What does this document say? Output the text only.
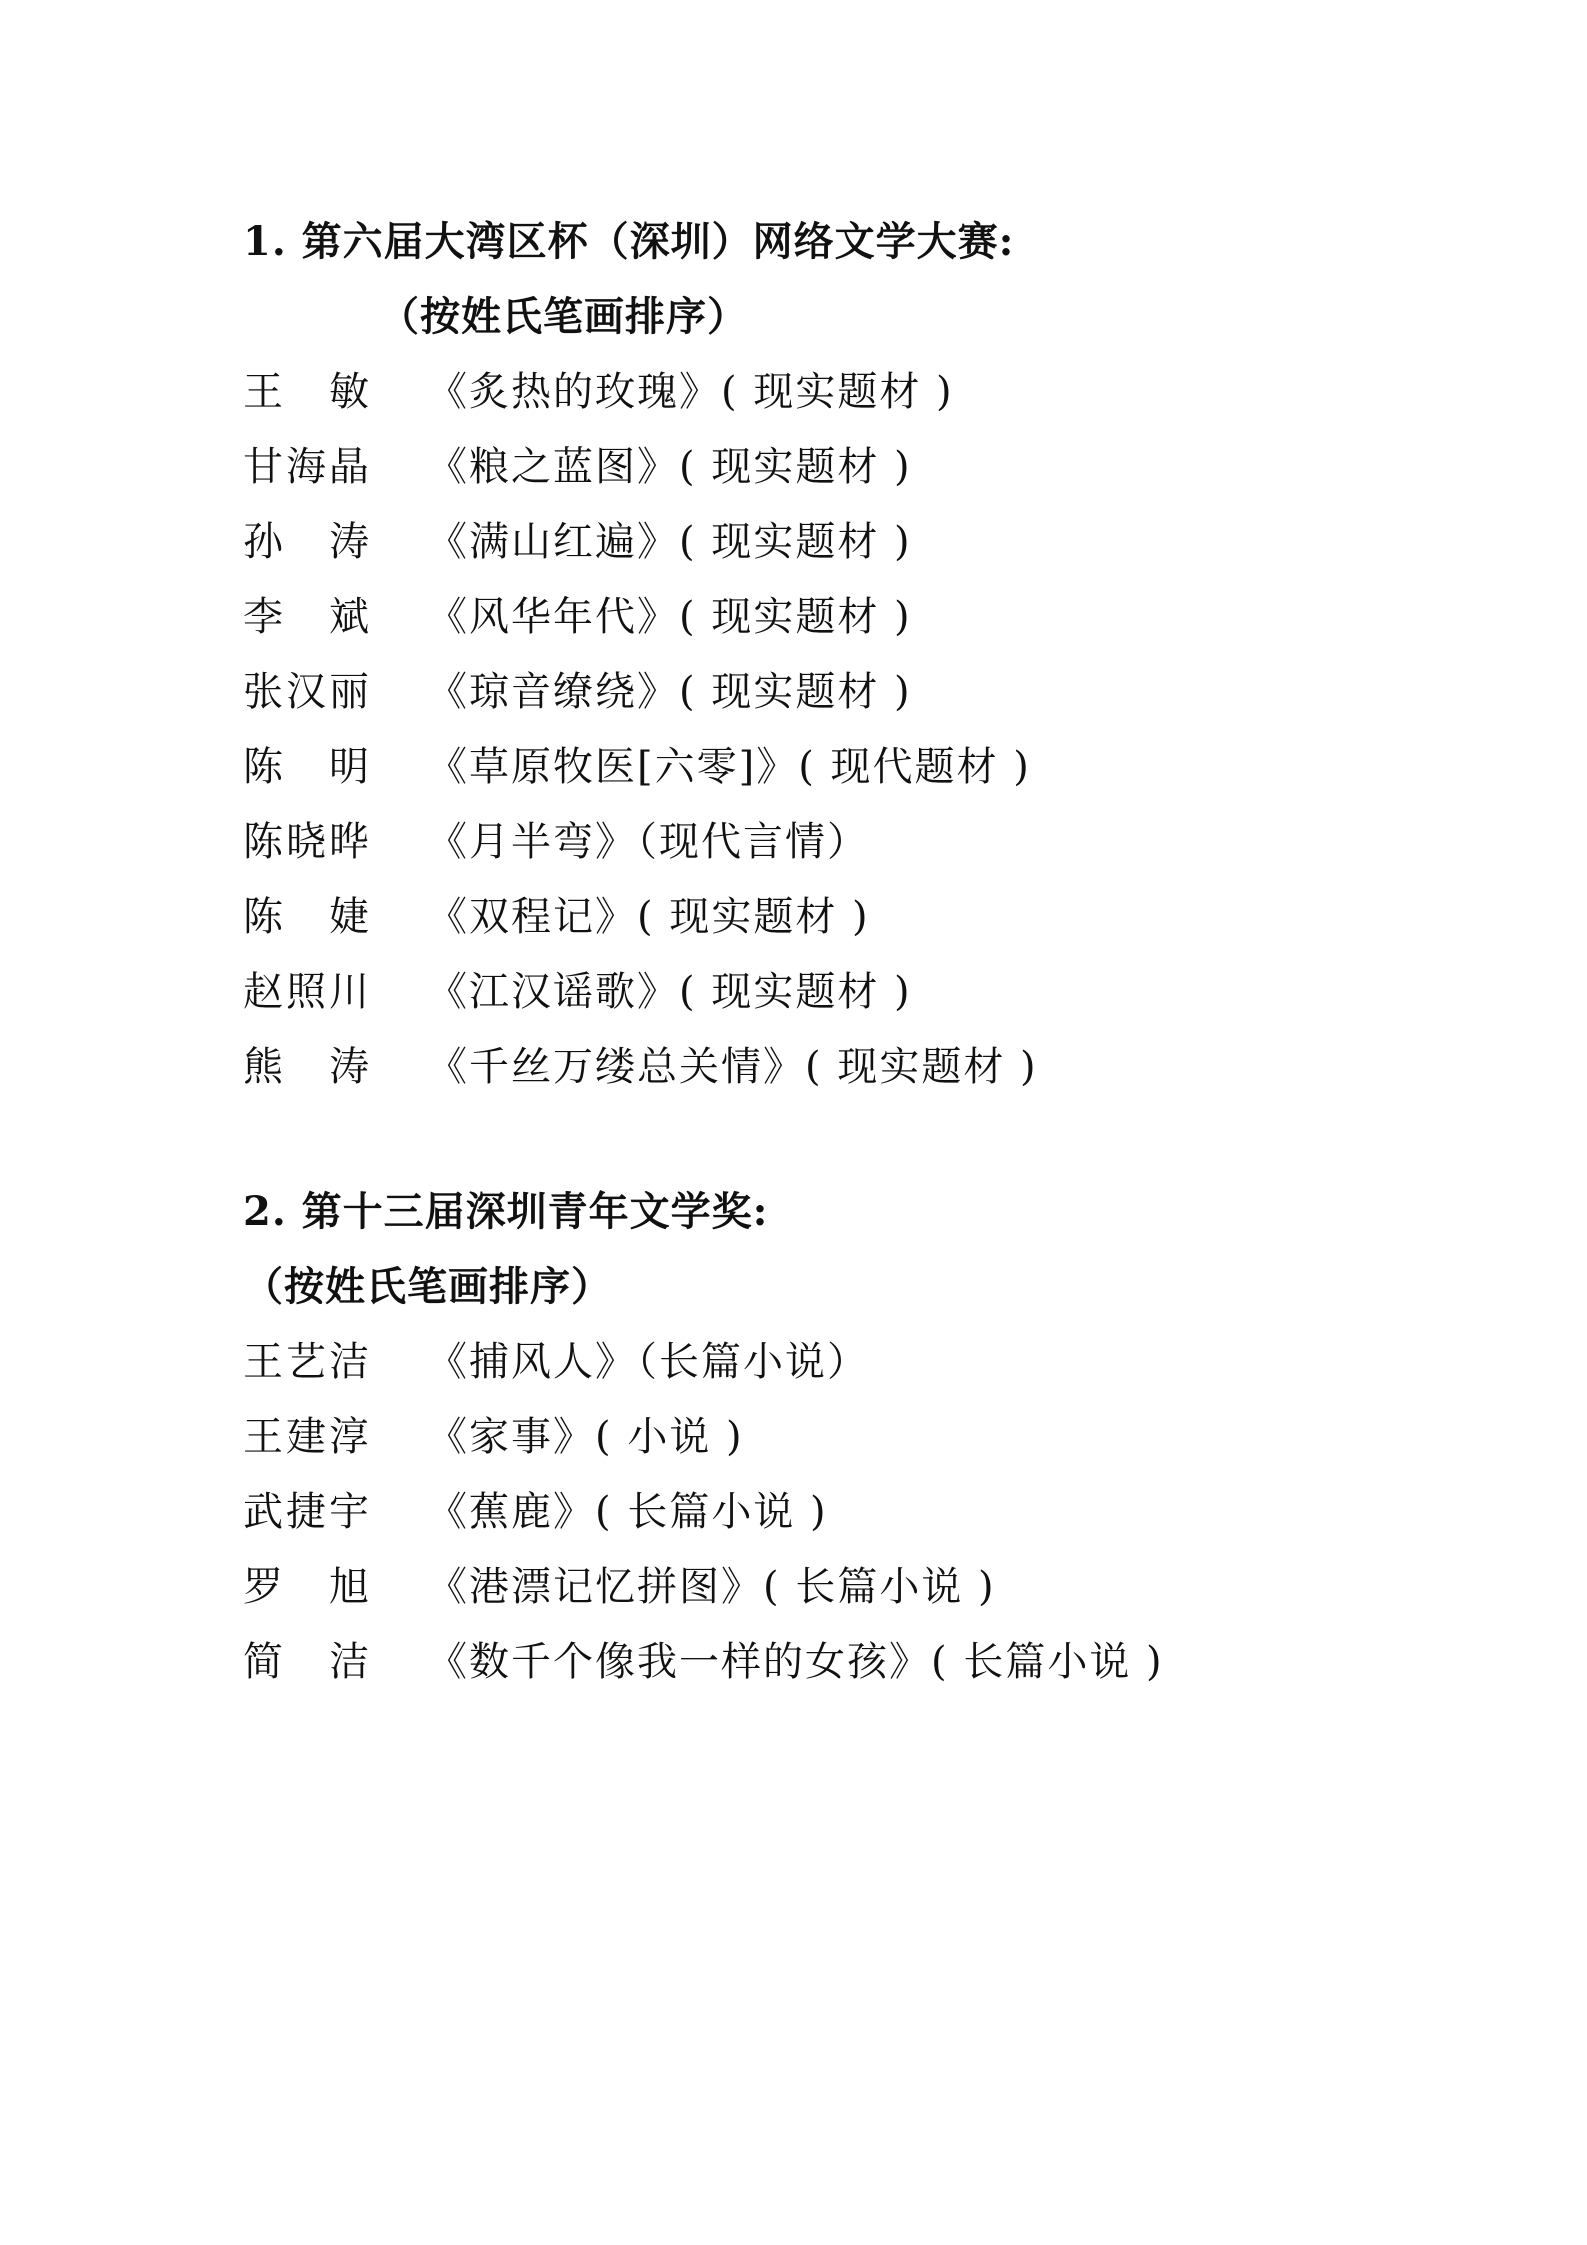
1. 第六届大湾区杯（深圳）网络文学大赛:
（按姓氏笔画排序）
王　敏	《炙热的玫瑰》( 现实题材 )
甘海晶	《粮之蓝图》( 现实题材 )
孙　涛	《满山红遍》( 现实题材 )
李　斌	《风华年代》( 现实题材 )
张汉丽	《琼音缭绕》( 现实题材 )
陈　明	《草原牧医[六零]》( 现代题材 )
陈晓晔	《月半弯》（现代言情）
陈　婕	《双程记》( 现实题材 )
赵照川	《江汉谣歌》( 现实题材 )
熊　涛	《千丝万缕总关情》( 现实题材 )
2. 第十三届深圳青年文学奖:
（按姓氏笔画排序）
王艺洁	《捕风人》（长篇小说）
王建淳	《家事》( 小说 )
武捷宇	《蕉鹿》( 长篇小说 )
罗　旭	《港漂记忆拼图》( 长篇小说 )
简　洁	《数千个像我一样的女孩》( 长篇小说 )
